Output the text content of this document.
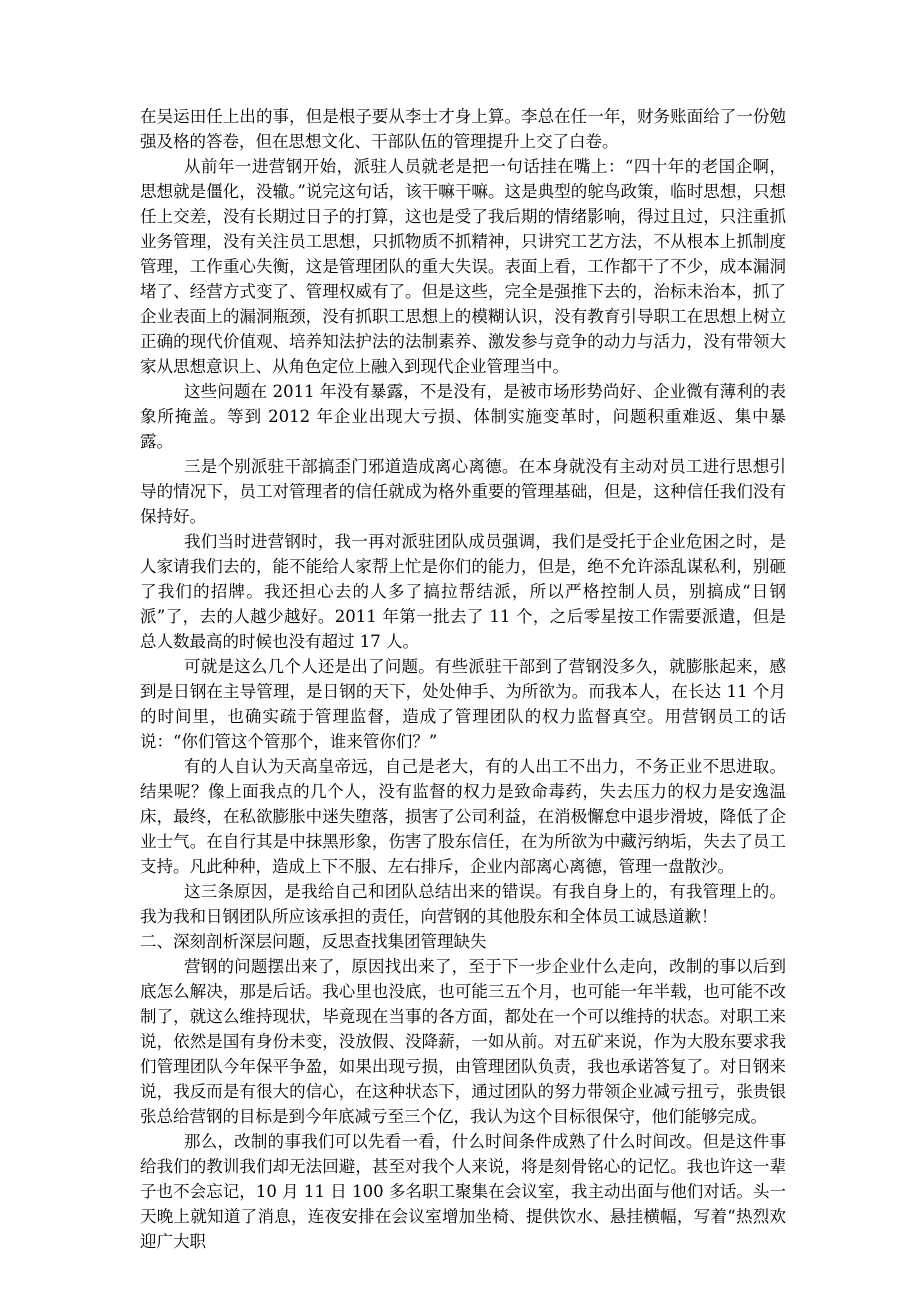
在吴运田任上出的事，但是根子要从李士才身上算。李总在任一年，财务账面给了一份勉强及格的答卷，但在思想文化、干部队伍的管理提升上交了白卷。

从前年一进营钢开始，派驻人员就老是把一句话挂在嘴上：“四十年的老国企啊，思想就是僵化，没辙。”说完这句话，该干嘛干嘛。这是典型的鸵鸟政策，临时思想，只想任上交差，没有长期过日子的打算，这也是受了我后期的情绪影响，得过且过，只注重抓业务管理，没有关注员工思想，只抓物质不抓精神，只讲究工艺方法，不从根本上抓制度管理，工作重心失衡，这是管理团队的重大失误。表面上看，工作都干了不少，成本漏洞堵了、经营方式变了、管理权威有了。但是这些，完全是强推下去的，治标未治本，抓了企业表面上的漏洞瓶颈，没有抓职工思想上的模糊认识，没有教育引导职工在思想上树立正确的现代价值观、培养知法护法的法制素养、激发参与竞争的动力与活力，没有带领大家从思想意识上、从角色定位上融入到现代企业管理当中。

这些问题在 2011 年没有暴露，不是没有，是被市场形势尚好、企业微有薄利的表象所掩盖。等到 2012 年企业出现大亏损、体制实施变革时，问题积重难返、集中暴露。

三是个别派驻干部搞歪门邪道造成离心离德。在本身就没有主动对员工进行思想引导的情况下，员工对管理者的信任就成为格外重要的管理基础，但是，这种信任我们没有保持好。

我们当时进营钢时，我一再对派驻团队成员强调，我们是受托于企业危困之时，是人家请我们去的，能不能给人家帮上忙是你们的能力，但是，绝不允许添乱谋私利，别砸了我们的招牌。我还担心去的人多了搞拉帮结派，所以严格控制人员，别搞成“日钢派”了，去的人越少越好。2011 年第一批去了 11 个，之后零星按工作需要派遣，但是总人数最高的时候也没有超过 17 人。

可就是这么几个人还是出了问题。有些派驻干部到了营钢没多久，就膨胀起来，感到是日钢在主导管理，是日钢的天下，处处伸手、为所欲为。而我本人，在长达 11 个月的时间里，也确实疏于管理监督，造成了管理团队的权力监督真空。用营钢员工的话说：“你们管这个管那个，谁来管你们？”

有的人自认为天高皇帝远，自己是老大，有的人出工不出力，不务正业不思进取。结果呢？像上面我点的几个人，没有监督的权力是致命毒药，失去压力的权力是安逸温床，最终，在私欲膨胀中迷失堕落，损害了公司利益，在消极懈怠中退步滑坡，降低了企业士气。在自行其是中抹黑形象，伤害了股东信任，在为所欲为中藏污纳垢，失去了员工支持。凡此种种，造成上下不服、左右排斥，企业内部离心离德，管理一盘散沙。

这三条原因，是我给自己和团队总结出来的错误。有我自身上的，有我管理上的。我为我和日钢团队所应该承担的责任，向营钢的其他股东和全体员工诚恳道歉！

二、深刻剖析深层问题，反思查找集团管理缺失

营钢的问题摆出来了，原因找出来了，至于下一步企业什么走向，改制的事以后到底怎么解决，那是后话。我心里也没底，也可能三五个月，也可能一年半载，也可能不改制了，就这么维持现状，毕竟现在当事的各方面，都处在一个可以维持的状态。对职工来说，依然是国有身份未变，没放假、没降薪，一如从前。对五矿来说，作为大股东要求我们管理团队今年保平争盈，如果出现亏损，由管理团队负责，我也承诺答复了。对日钢来说，我反而是有很大的信心，在这种状态下，通过团队的努力带领企业减亏扭亏，张贵银张总给营钢的目标是到今年底减亏至三个亿，我认为这个目标很保守，他们能够完成。

那么，改制的事我们可以先看一看，什么时间条件成熟了什么时间改。但是这件事给我们的教训我们却无法回避，甚至对我个人来说，将是刻骨铭心的记忆。我也许这一辈子也不会忘记，10 月 11 日 100 多名职工聚集在会议室，我主动出面与他们对话。头一天晚上就知道了消息，连夜安排在会议室增加坐椅、提供饮水、悬挂横幅，写着“热烈欢迎广大职
